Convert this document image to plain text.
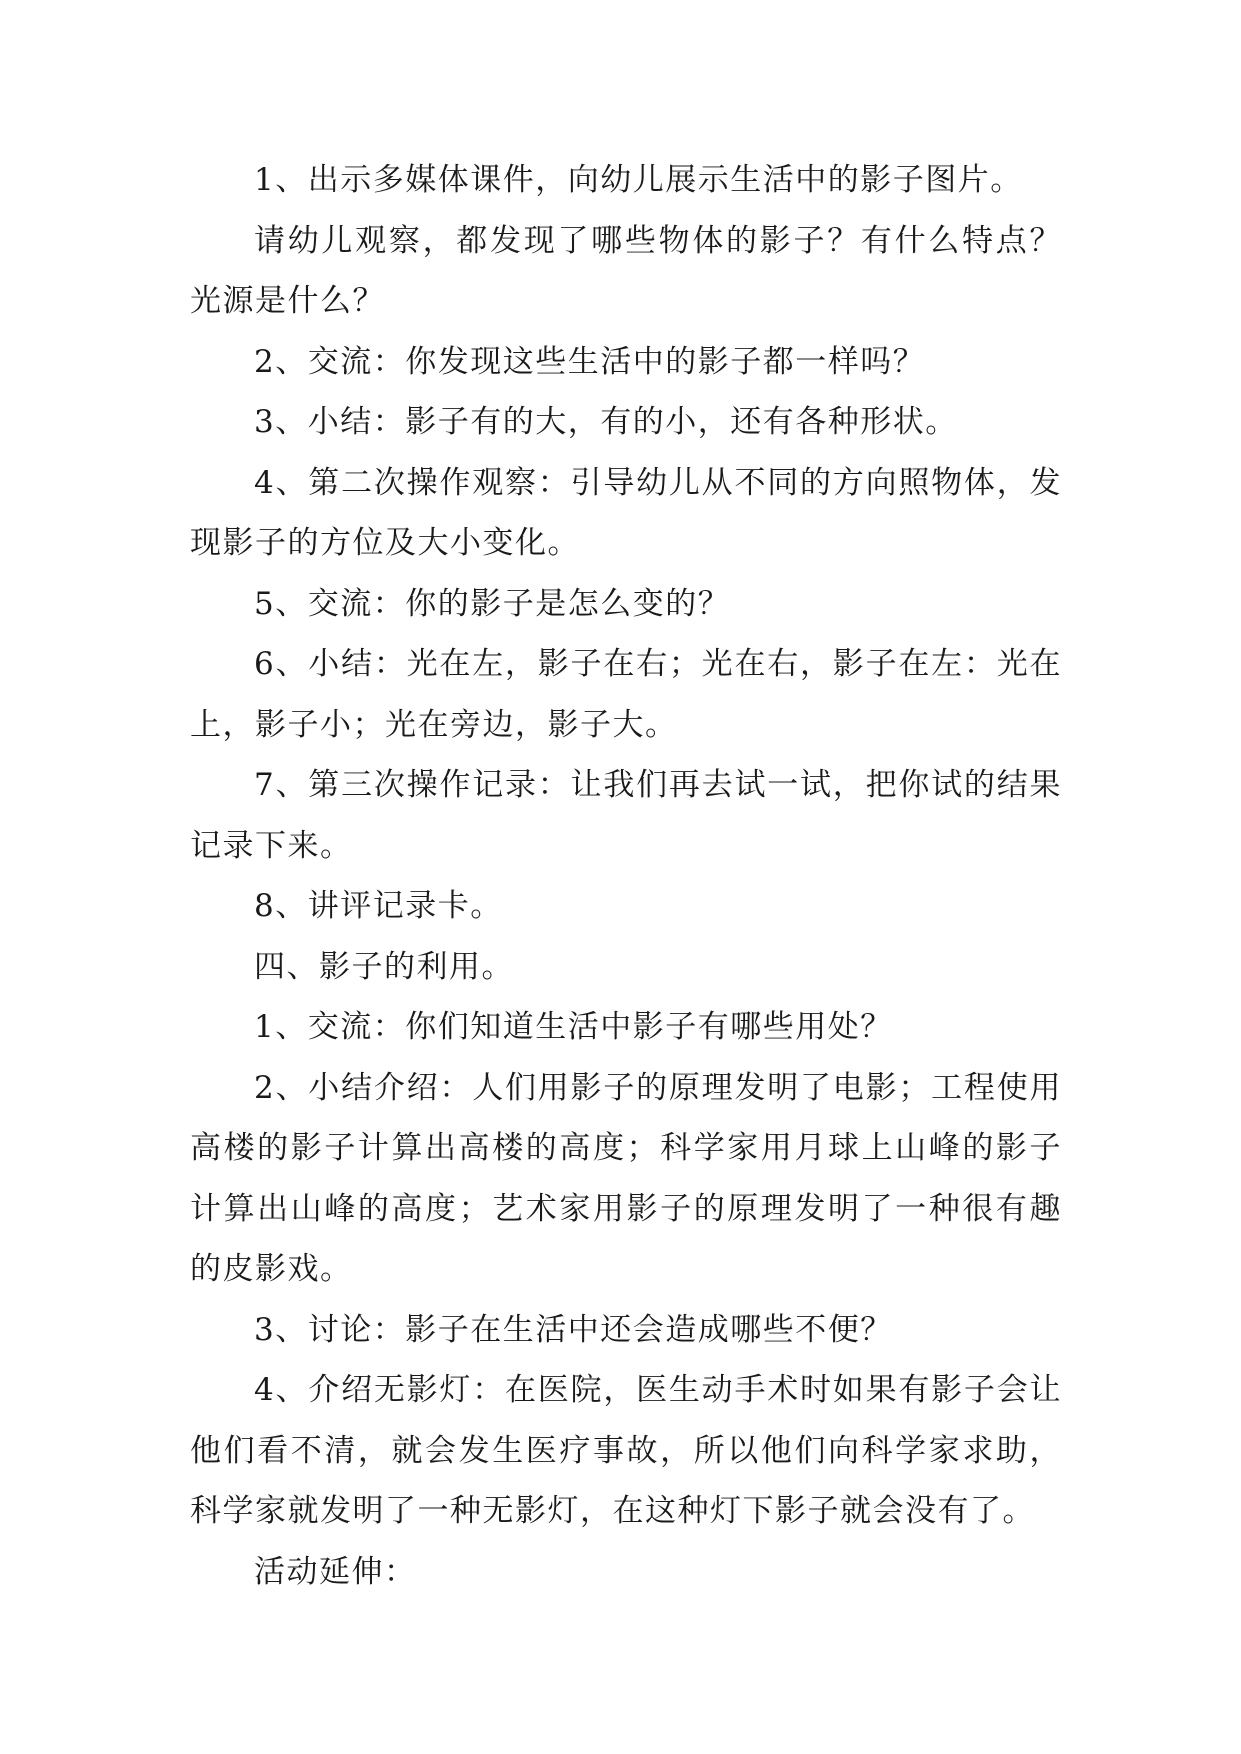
1、出示多媒体课件，向幼儿展示生活中的影子图片。

请幼儿观察，都发现了哪些物体的影子？有什么特点？光源是什么？

2、交流：你发现这些生活中的影子都一样吗？

3、小结：影子有的大，有的小，还有各种形状。

4、第二次操作观察：引导幼儿从不同的方向照物体，发现影子的方位及大小变化。

5、交流：你的影子是怎么变的？

6、小结：光在左，影子在右；光在右，影子在左：光在上，影子小；光在旁边，影子大。

7、第三次操作记录：让我们再去试一试，把你试的结果记录下来。

8、讲评记录卡。

四、影子的利用。

1、交流：你们知道生活中影子有哪些用处？

2、小结介绍：人们用影子的原理发明了电影；工程使用高楼的影子计算出高楼的高度；科学家用月球上山峰的影子计算出山峰的高度；艺术家用影子的原理发明了一种很有趣的皮影戏。

3、讨论：影子在生活中还会造成哪些不便？

4、介绍无影灯：在医院，医生动手术时如果有影子会让他们看不清，就会发生医疗事故，所以他们向科学家求助，科学家就发明了一种无影灯，在这种灯下影子就会没有了。

活动延伸：
